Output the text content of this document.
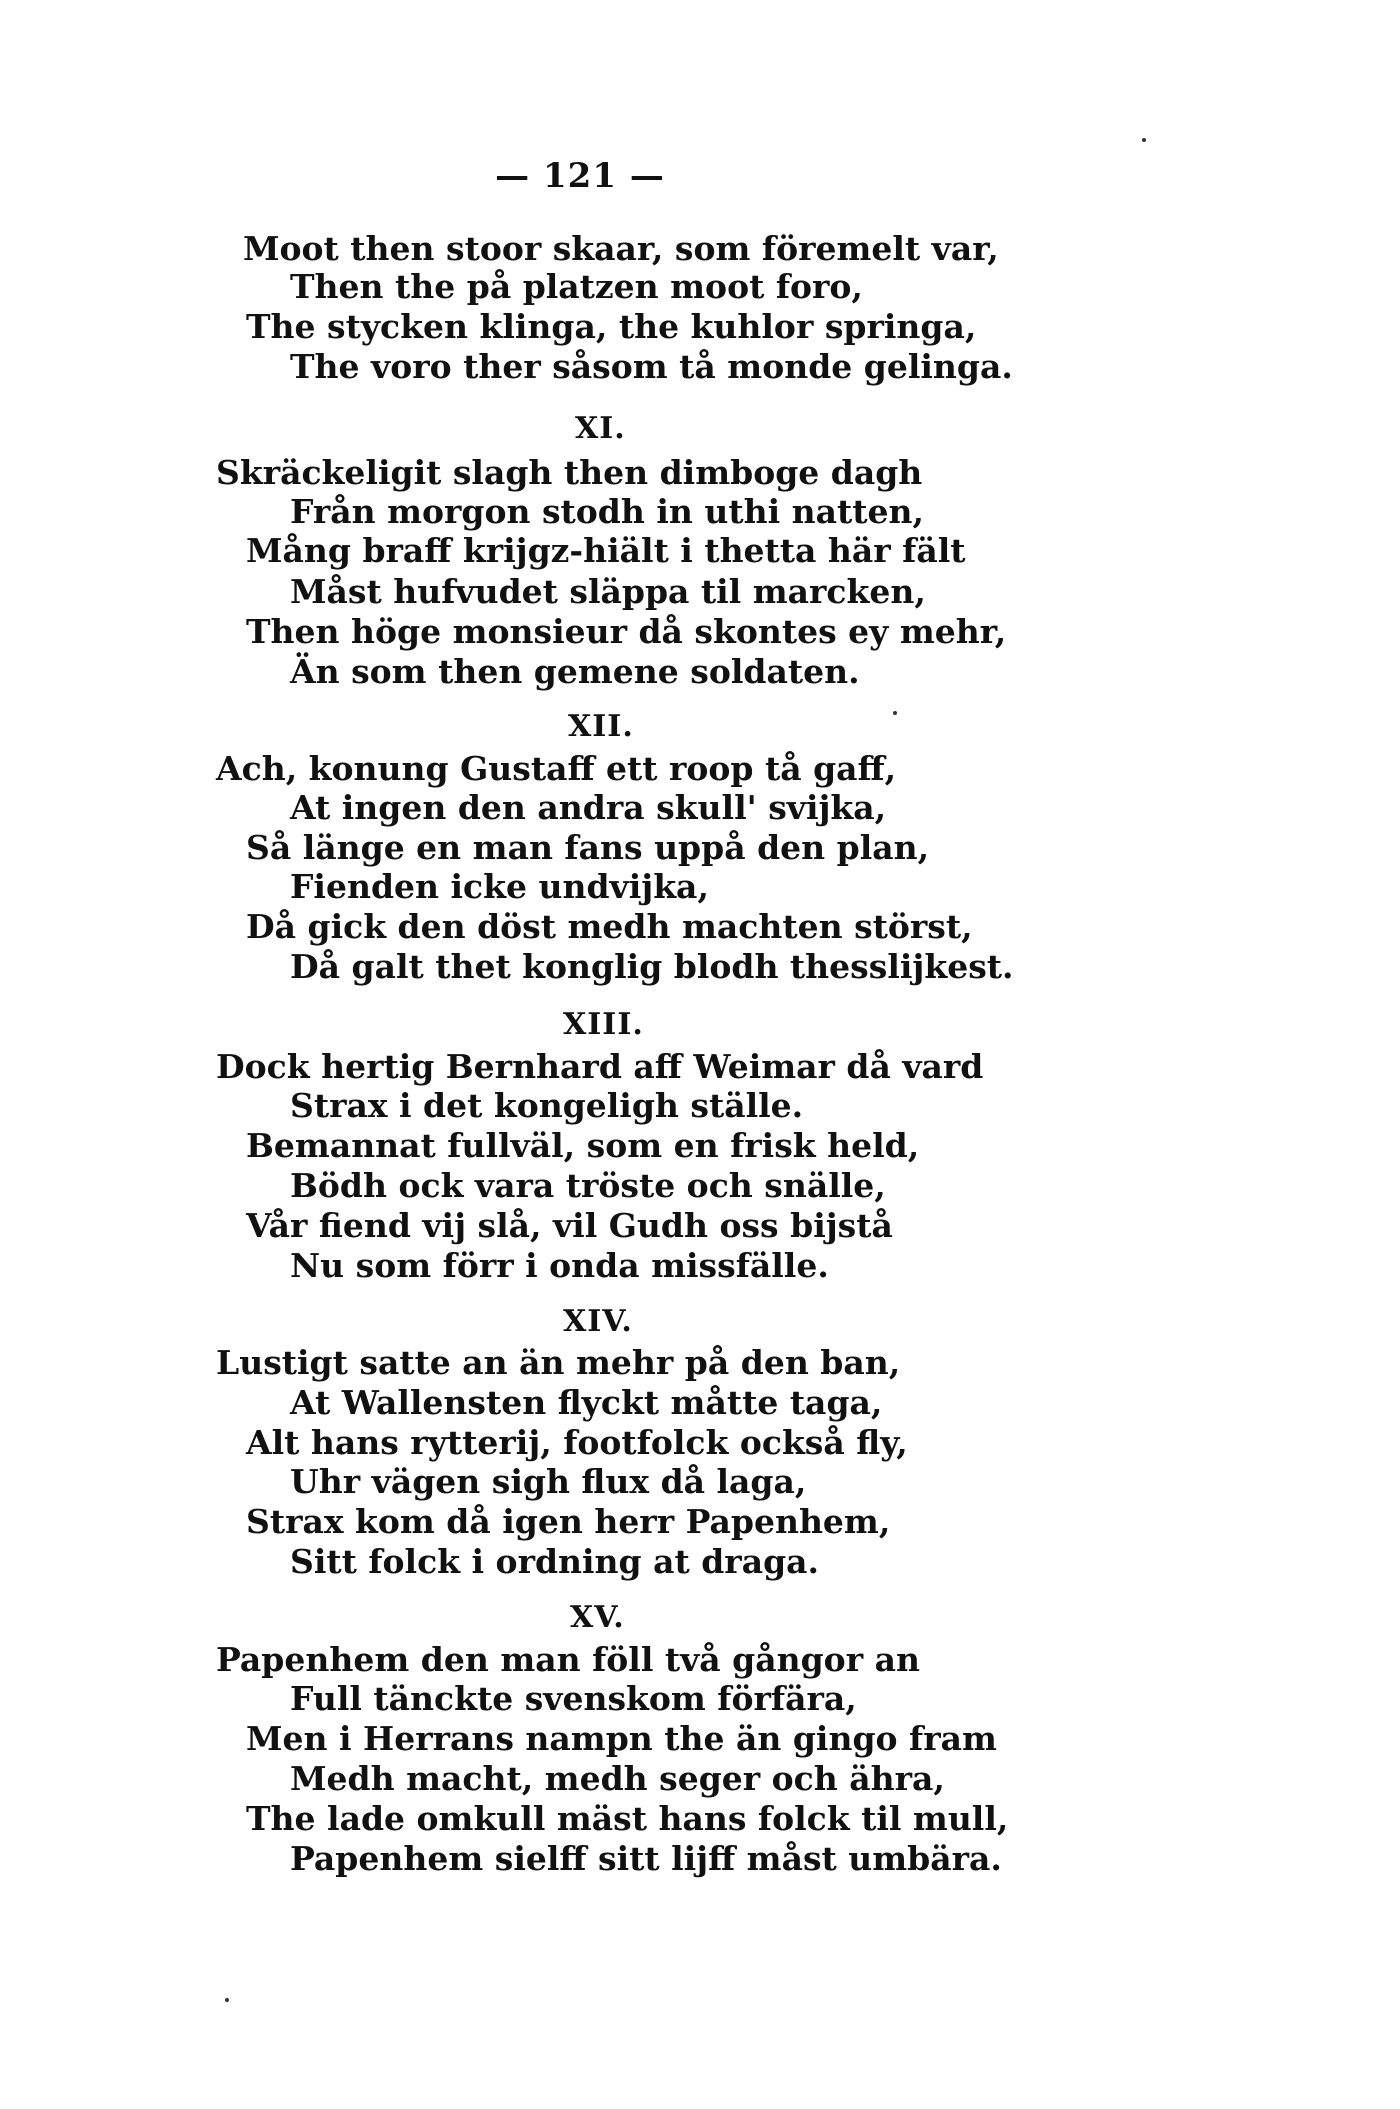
— 121 —
Moot then stoor skaar, som föremelt var,
Then the på platzen moot foro,
The stycken klinga, the kuhlor springa,
The voro ther såsom tå monde gelinga.
XI.
Skräckeligit slagh then dimboge dagh
Från morgon stodh in uthi natten,
Mång braff krijgz-hiält i thetta här fält
Måst hufvudet släppa til marcken,
Then höge monsieur då skontes ey mehr,
Än som then gemene soldaten.
XII.
Ach, konung Gustaff ett roop tå gaff,
At ingen den andra skull' svijka,
Så länge en man fans uppå den plan,
Fienden icke undvijka,
Då gick den döst medh machten störst,
Då galt thet konglig blodh thesslijkest.
XIII.
Dock hertig Bernhard aff Weimar då vard
Strax i det kongeligh ställe.
Bemannat fullväl, som en frisk held,
Bödh ock vara tröste och snälle,
Vår fiend vij slå, vil Gudh oss bijstå
Nu som förr i onda missfälle.
XIV.
Lustigt satte an än mehr på den ban,
At Wallensten flyckt måtte taga,
Alt hans rytterij, footfolck också fly,
Uhr vägen sigh flux då laga,
Strax kom då igen herr Papenhem,
Sitt folck i ordning at draga.
XV.
Papenhem den man föll två gångor an
Full tänckte svenskom förfära,
Men i Herrans nampn the än gingo fram
Medh macht, medh seger och ähra,
The lade omkull mäst hans folck til mull,
Papenhem sielff sitt lijff måst umbära.
